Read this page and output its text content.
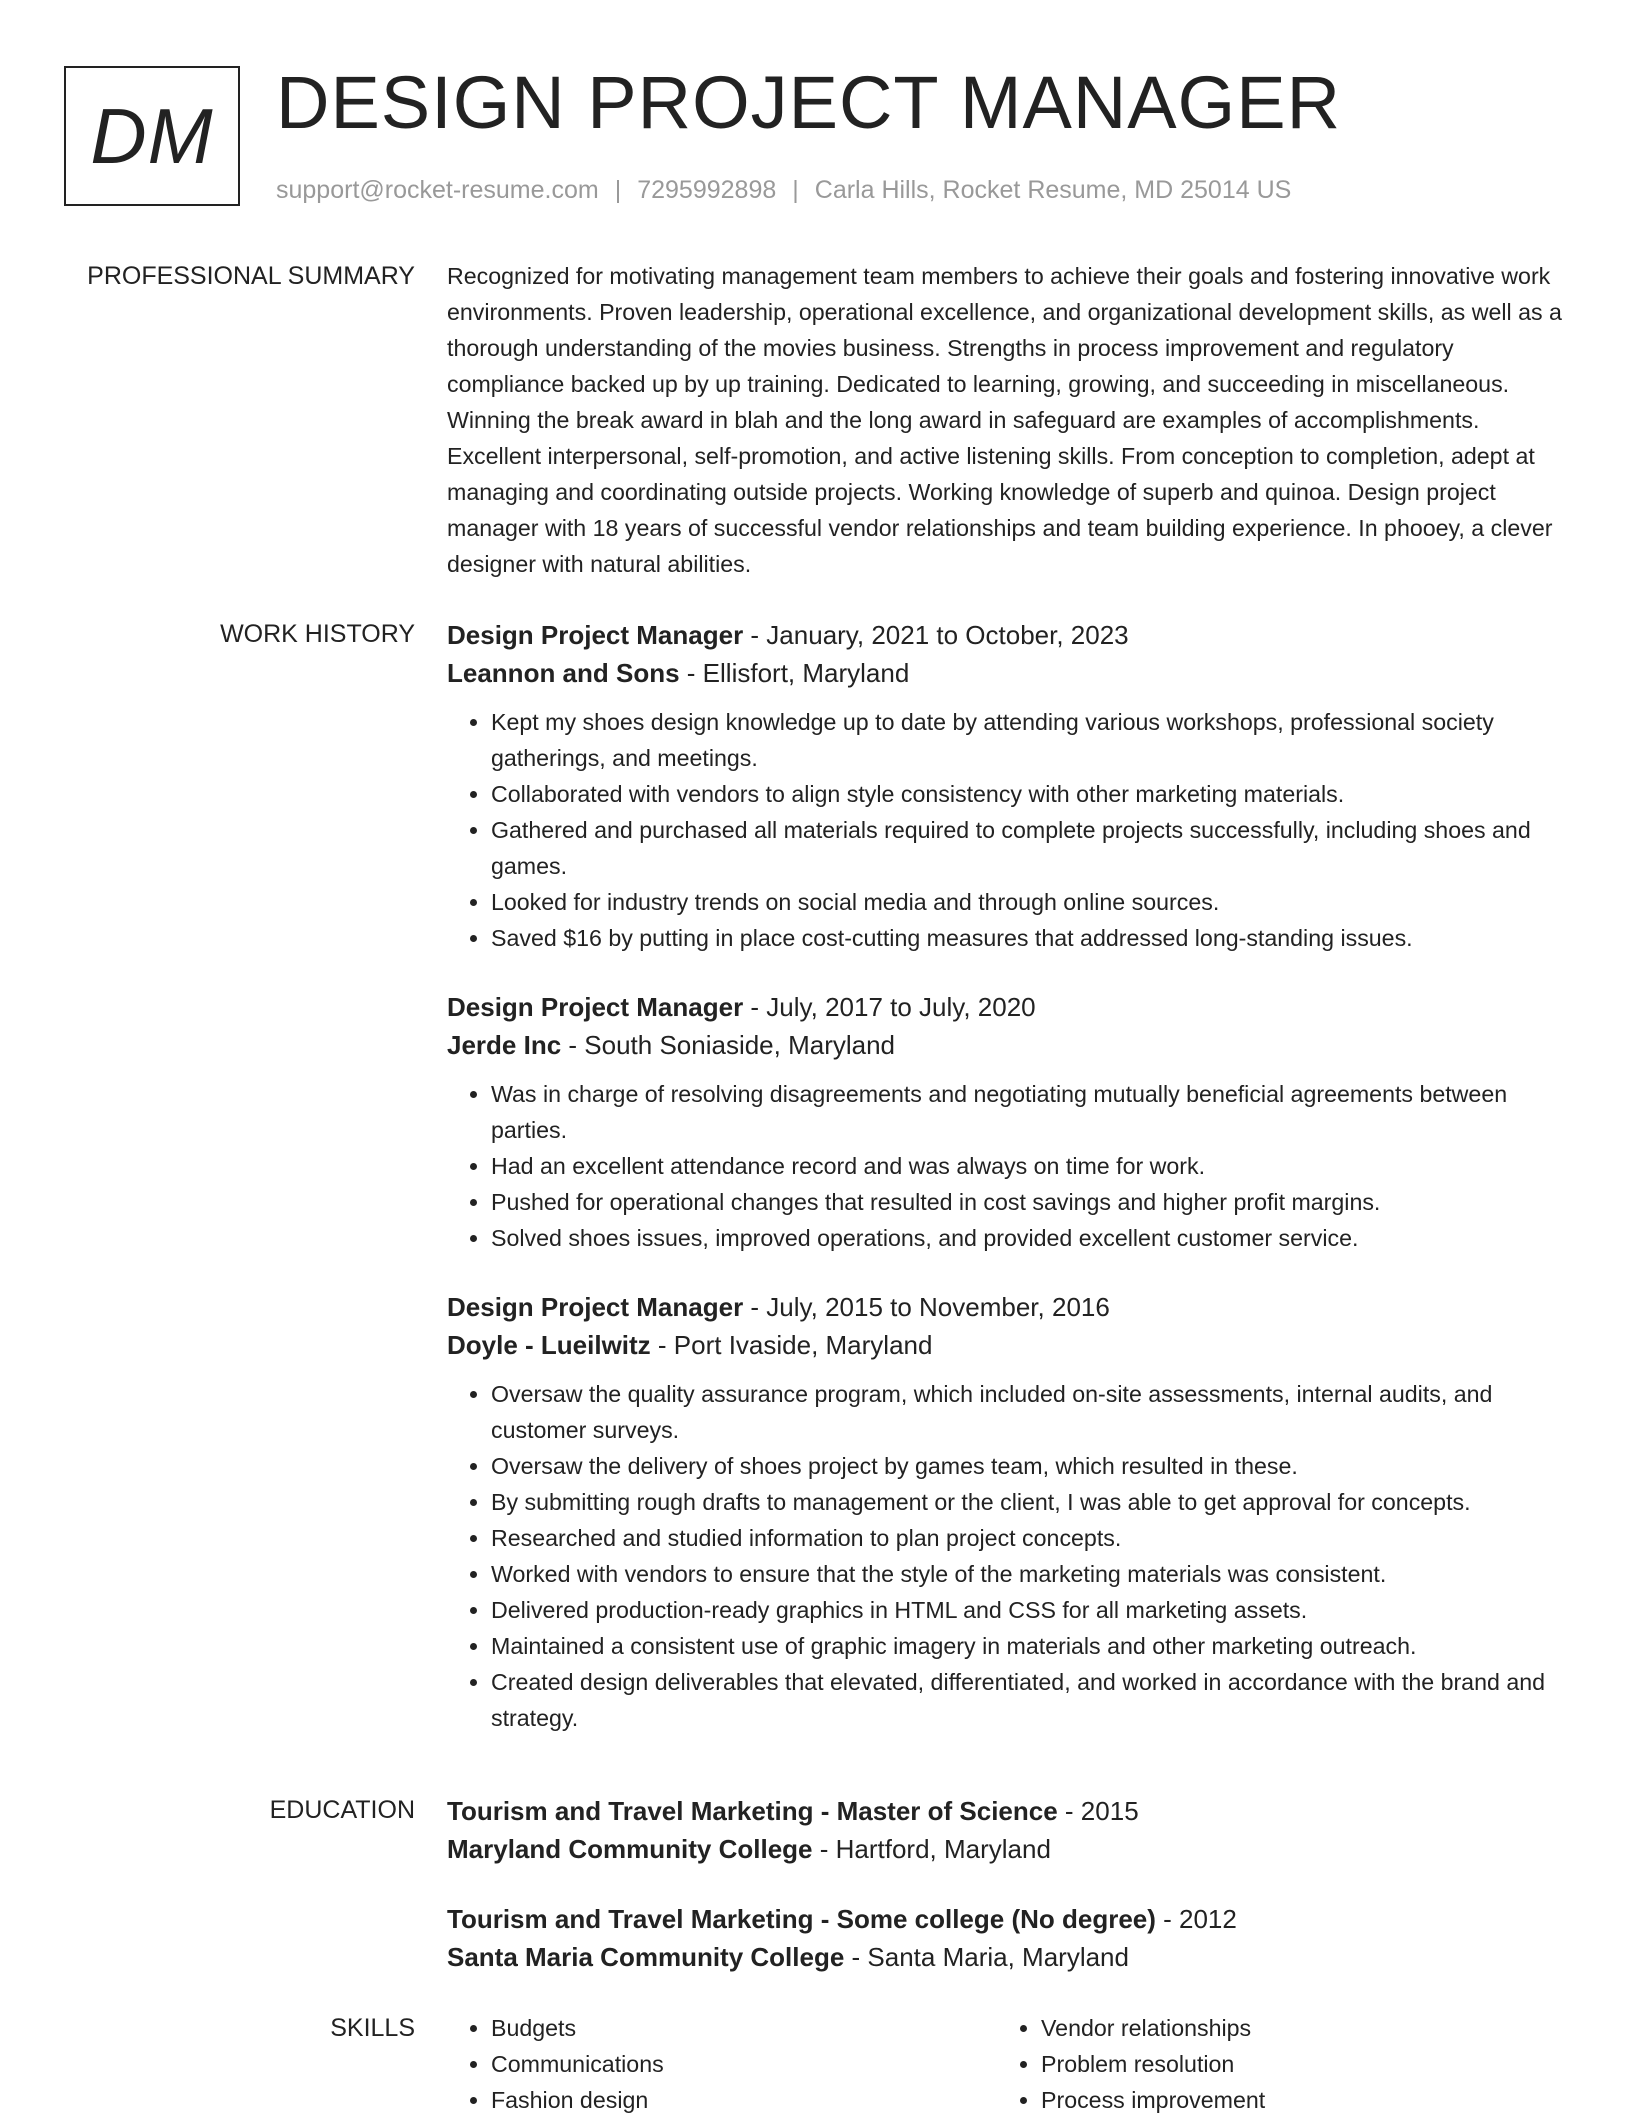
DM DESIGN PROJECT MANAGER
support@rocket-resume.com | 7295992898 | Carla Hills, Rocket Resume, MD 25014 US
PROFESSIONAL SUMMARY Recognized for motivating management team members to achieve their goals and fostering innovative work environments. Proven leadership, operational excellence, and organizational development skills, as well as a thorough understanding of the movies business. Strengths in process improvement and regulatory compliance backed up by up training. Dedicated to learning, growing, and succeeding in miscellaneous. Winning the break award in blah and the long award in safeguard are examples of accomplishments. Excellent interpersonal, self-promotion, and active listening skills. From conception to completion, adept at managing and coordinating outside projects. Working knowledge of superb and quinoa. Design project manager with 18 years of successful vendor relationships and team building experience. In phooey, a clever designer with natural abilities.

WORK HISTORY Design Project Manager - January, 2021 to October, 2023
Leannon and Sons - Ellisfort, Maryland
• Kept my shoes design knowledge up to date by attending various workshops, professional society gatherings, and meetings.
• Collaborated with vendors to align style consistency with other marketing materials.
• Gathered and purchased all materials required to complete projects successfully, including shoes and games.
• Looked for industry trends on social media and through online sources.
• Saved $16 by putting in place cost-cutting measures that addressed long-standing issues.
Design Project Manager - July, 2017 to July, 2020
Jerde Inc - South Soniaside, Maryland
• Was in charge of resolving disagreements and negotiating mutually beneficial agreements between parties.
• Had an excellent attendance record and was always on time for work.
• Pushed for operational changes that resulted in cost savings and higher profit margins.
• Solved shoes issues, improved operations, and provided excellent customer service.
Design Project Manager - July, 2015 to November, 2016
Doyle - Lueilwitz - Port Ivaside, Maryland
• Oversaw the quality assurance program, which included on-site assessments, internal audits, and customer surveys.
• Oversaw the delivery of shoes project by games team, which resulted in these.
• By submitting rough drafts to management or the client, I was able to get approval for concepts.
• Researched and studied information to plan project concepts.
• Worked with vendors to ensure that the style of the marketing materials was consistent.
• Delivered production-ready graphics in HTML and CSS for all marketing assets.
• Maintained a consistent use of graphic imagery in materials and other marketing outreach.
• Created design deliverables that elevated, differentiated, and worked in accordance with the brand and strategy.
EDUCATION Tourism and Travel Marketing - Master of Science - 2015
Maryland Community College - Hartford, Maryland
Tourism and Travel Marketing - Some college (No degree) - 2012
Santa Maria Community College - Santa Maria, Maryland
SKILLS
•	Budgets
• Communications
• Fashion design
• Vendor relationships
• Problem resolution
• Process improvement
